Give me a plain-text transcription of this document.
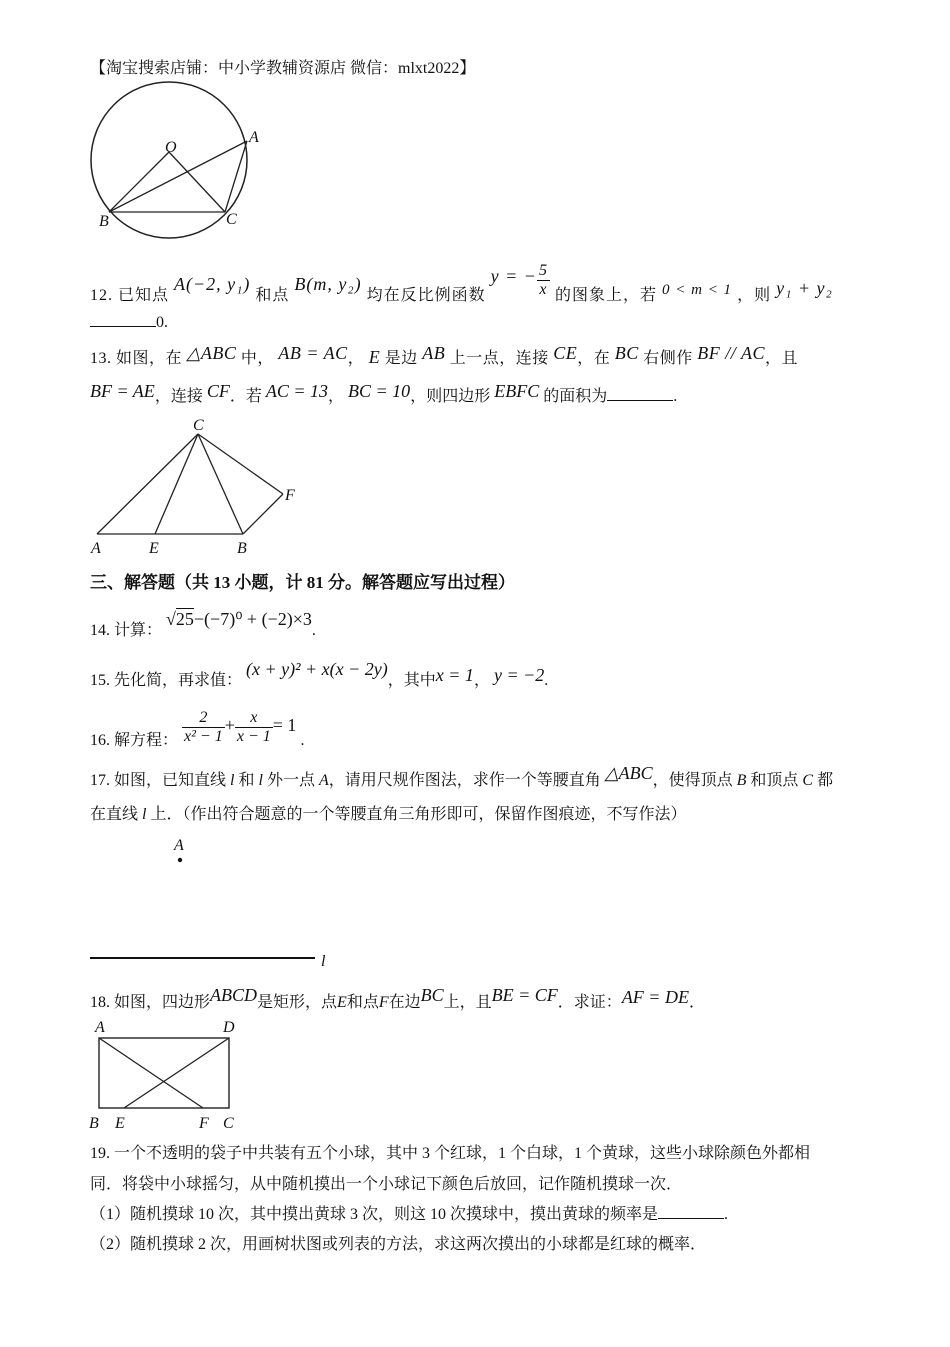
【淘宝搜索店铺：中小学教辅资源店 微信：mlxt2022】
O
A
B	C
12. 已知点 A(−2, y₁) 和点 B(m, y₂) 均在反比例函数 y = − $\frac{5}{x}$ 的图象上，若 0 < m < 1 ，则 y₁ + y₂
0.
13. 如图，在 △ABC 中， AB = AC， E 是边 AB 上一点，连接 CE，在 BC 右侧作 BF // AC，且
BF = AE，连接 CF．若 AC = 13， BC = 10，则四边形 EBFC 的面积为	.
A	E	B
C
F
三、解答题（共 13 小题，计 81 分。解答题应写出过程）
14. 计算： √25−(−7)⁰ + (−2)×3.
15. 先化简，再求值： (x + y)² + x(x − 2y)，其中x = 1， y = −2.
16. 解方程： $\frac{2}{\text{x² − 1}} + \frac{x}{x - 1} = 1$ .
17. 如图，已知直线 l 和 l 外一点 A，请用尺规作图法，求作一个等腰直角 △ABC，使得顶点 B 和顶点 C 都
在直线 l 上．（作出符合题意的一个等腰直角三角形即可，保留作图痕迹，不写作法）
A
l
18. 如图，四边形ABCD是矩形，点E和点F在边BC上，且BE = CF．求证：AF = DE．
A	D
B E	F C
19. 一个不透明的袋子中共装有五个小球，其中 3 个红球，1 个白球，1 个黄球，这些小球除颜色外都相
同．将袋中小球摇匀，从中随机摸出一个小球记下颜色后放回，记作随机摸球一次．
（1）随机摸球 10 次，其中摸出黄球 3 次，则这 10 次摸球中，摸出黄球的频率是	.
（2）随机摸球 2 次，用画树状图或列表的方法，求这两次摸出的小球都是红球的概率．
